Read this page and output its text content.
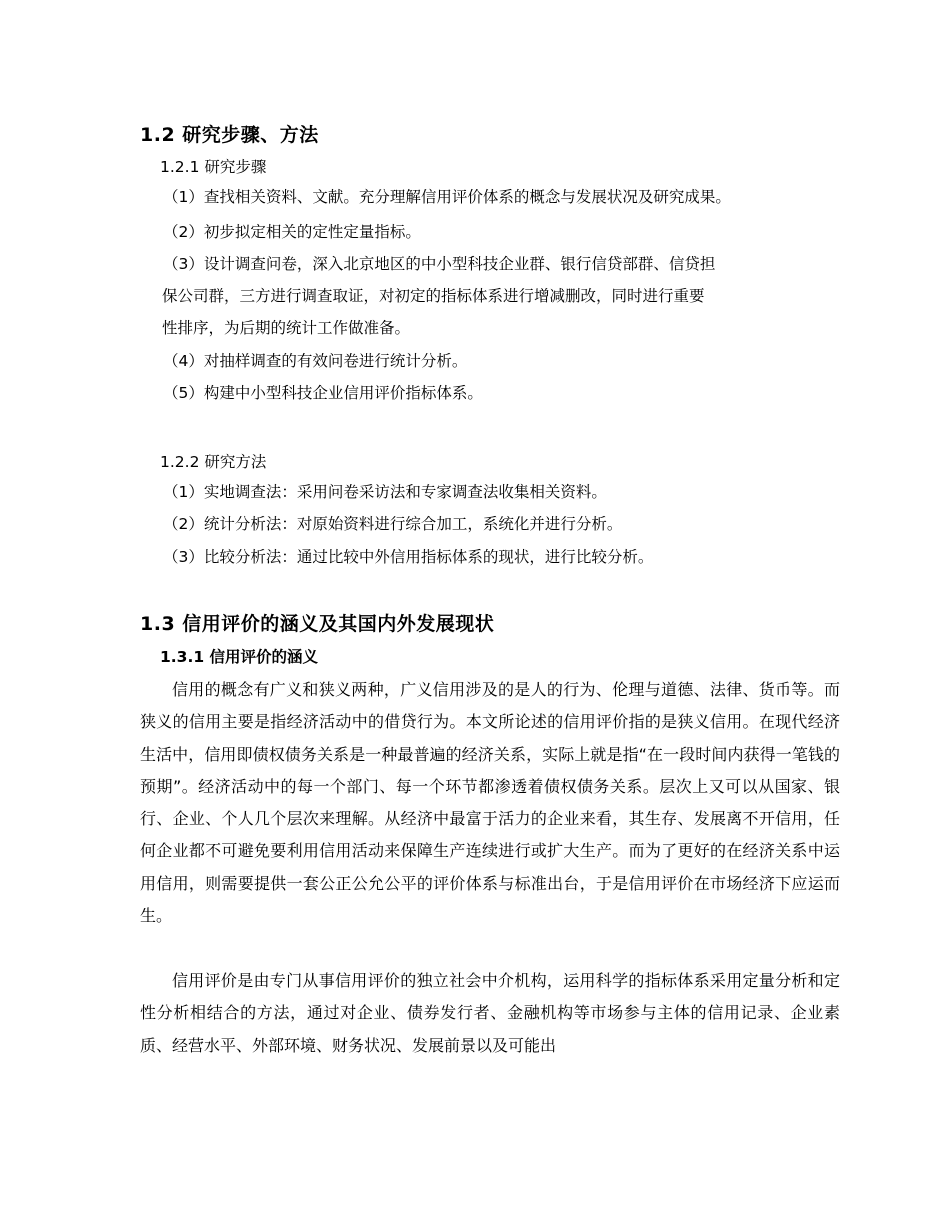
1.2 研究步骤、方法
1.2.1 研究步骤
（1）查找相关资料、文献。充分理解信用评价体系的概念与发展状况及研究成果。
（2）初步拟定相关的定性定量指标。
（3）设计调查问卷，深入北京地区的中小型科技企业群、银行信贷部群、信贷担
保公司群，三方进行调查取证，对初定的指标体系进行增减删改，同时进行重要
性排序，为后期的统计工作做准备。
（4）对抽样调查的有效问卷进行统计分析。
（5）构建中小型科技企业信用评价指标体系。
1.2.2 研究方法
（1）实地调查法：采用问卷采访法和专家调查法收集相关资料。
（2）统计分析法：对原始资料进行综合加工，系统化并进行分析。
（3）比较分析法：通过比较中外信用指标体系的现状，进行比较分析。
1.3 信用评价的涵义及其国内外发展现状
1.3.1 信用评价的涵义
信用的概念有广义和狭义两种，广义信用涉及的是人的行为、伦理与道德、法律、货币等。而狭义的信用主要是指经济活动中的借贷行为。本文所论述的信用评价指的是狭义信用。在现代经济生活中，信用即债权债务关系是一种最普遍的经济关系，实际上就是指“在一段时间内获得一笔钱的预期”。经济活动中的每一个部门、每一个环节都渗透着债权债务关系。层次上又可以从国家、银行、企业、个人几个层次来理解。从经济中最富于活力的企业来看，其生存、发展离不开信用，任何企业都不可避免要利用信用活动来保障生产连续进行或扩大生产。而为了更好的在经济关系中运用信用，则需要提供一套公正公允公平的评价体系与标准出台，于是信用评价在市场经济下应运而生。
信用评价是由专门从事信用评价的独立社会中介机构，运用科学的指标体系采用定量分析和定性分析相结合的方法，通过对企业、债券发行者、金融机构等市场参与主体的信用记录、企业素质、经营水平、外部环境、财务状况、发展前景以及可能出
